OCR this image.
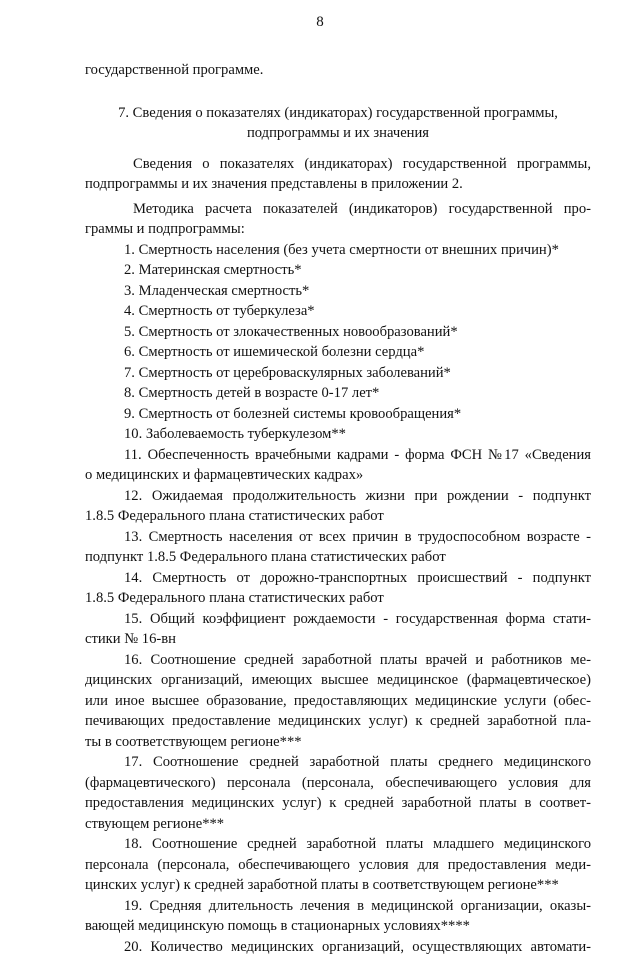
8
государственной программе.
7. Сведения о показателях (индикаторах) государственной программы,
подпрограммы и их значения
Сведения о показателях (индикаторах) государственной программы,
подпрограммы и их значения представлены в приложении 2.
Методика расчета показателей (индикаторов) государственной про-
граммы и подпрограммы:
1. Смертность населения (без учета смертности от внешних причин)*
2. Материнская смертность*
3. Младенческая смертность*
4. Смертность от туберкулеза*
5. Смертность от злокачественных новообразований*
6. Смертность от ишемической болезни сердца*
7. Смертность от цереброваскулярных заболеваний*
8. Смертность детей в возрасте 0-17 лет*
9. Смертность от болезней системы кровообращения*
10. Заболеваемость туберкулезом**
11. Обеспеченность врачебными кадрами - форма ФСН №17 «Сведения
о медицинских и фармацевтических кадрах»
12. Ожидаемая продолжительность жизни при рождении - подпункт
1.8.5 Федерального плана статистических работ
13. Смертность населения от всех причин в трудоспособном возрасте -
подпункт 1.8.5 Федерального плана статистических работ
14. Смертность от дорожно-транспортных происшествий - подпункт
1.8.5 Федерального плана статистических работ
15. Общий коэффициент рождаемости - государственная форма стати-
стики № 16-вн
16. Соотношение средней заработной платы врачей и работников ме-
дицинских организаций, имеющих высшее медицинское (фармацевтическое)
или иное высшее образование, предоставляющих медицинские услуги (обес-
печивающих предоставление медицинских услуг) к средней заработной пла-
ты в соответствующем регионе***
17. Соотношение средней заработной платы среднего медицинского
(фармацевтического) персонала (персонала, обеспечивающего условия для
предоставления медицинских услуг) к средней заработной платы в соответ-
ствующем регионе***
18. Соотношение средней заработной платы младшего медицинского
персонала (персонала, обеспечивающего условия для предоставления меди-
цинских услуг) к средней заработной платы в соответствующем регионе***
19. Средняя длительность лечения в медицинской организации, оказы-
вающей медицинскую помощь в стационарных условиях****
20. Количество медицинских организаций, осуществляющих автомати-
